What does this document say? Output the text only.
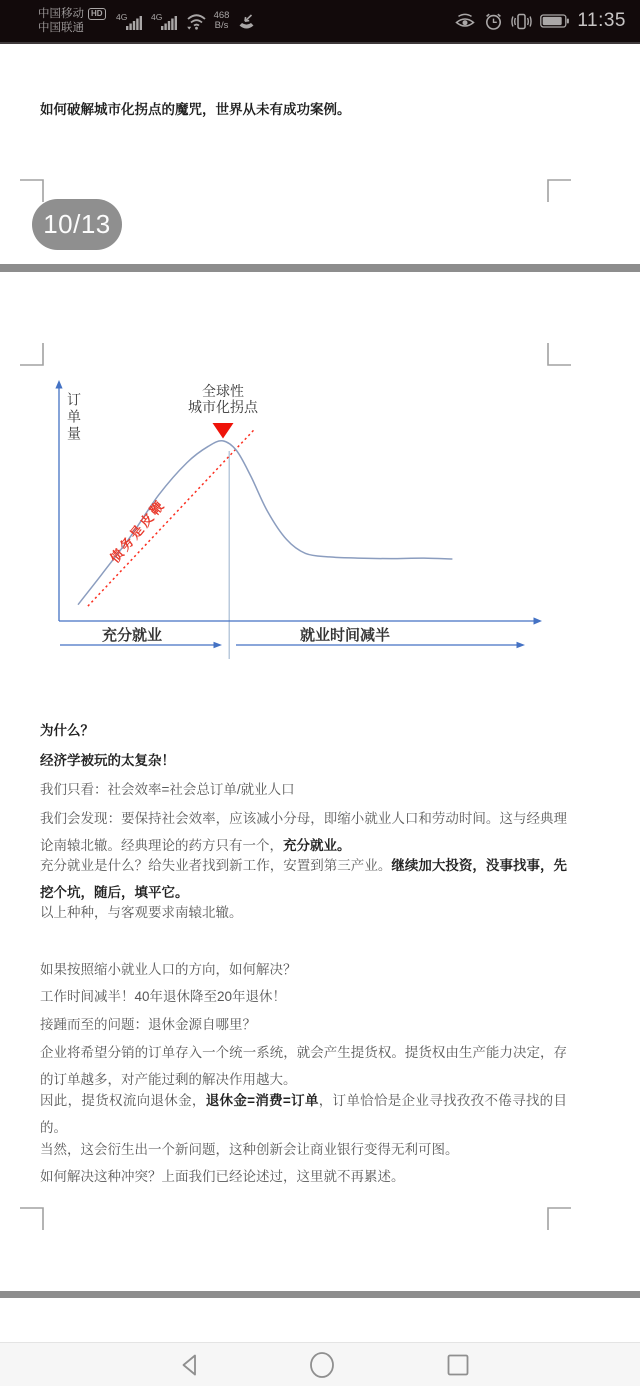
中国移动 HD
中国联通
4G	4G	468
B/s	11:35

如何破解城市化拐点的魔咒，世界从未有成功案例。

为什么？

经济学被玩的太复杂！

我们只看：社会效率=社会总订单/就业人口

我们会发现：要保持社会效率，应该减小分母，即缩小就业人口和劳动时间。这与经典理论南辕北辙。经典理论的药方只有一个，充分就业。

充分就业是什么？给失业者找到新工作，安置到第三产业。继续加大投资，没事找事，先挖个坑，随后，填平它。

以上种种，与客观要求南辕北辙。

如果按照缩小就业人口的方向，如何解决？

工作时间减半！40年退休降至20年退休！

接踵而至的问题：退休金源自哪里？

企业将希望分销的订单存入一个统一系统，就会产生提货权。提货权由生产能力决定，存的订单越多，对产能过剩的解决作用越大。

因此，提货权流向退休金，退休金=消费=订单，订单恰恰是企业寻找孜孜不倦寻找的目的。

当然，这会衍生出一个新问题，这种创新会让商业银行变得无利可图。

如何解决这种冲突？上面我们已经论述过，这里就不再累述。

订单量
全球性
城市化拐点
债务是皮鞭
充分就业	就业时间减半
10/13
